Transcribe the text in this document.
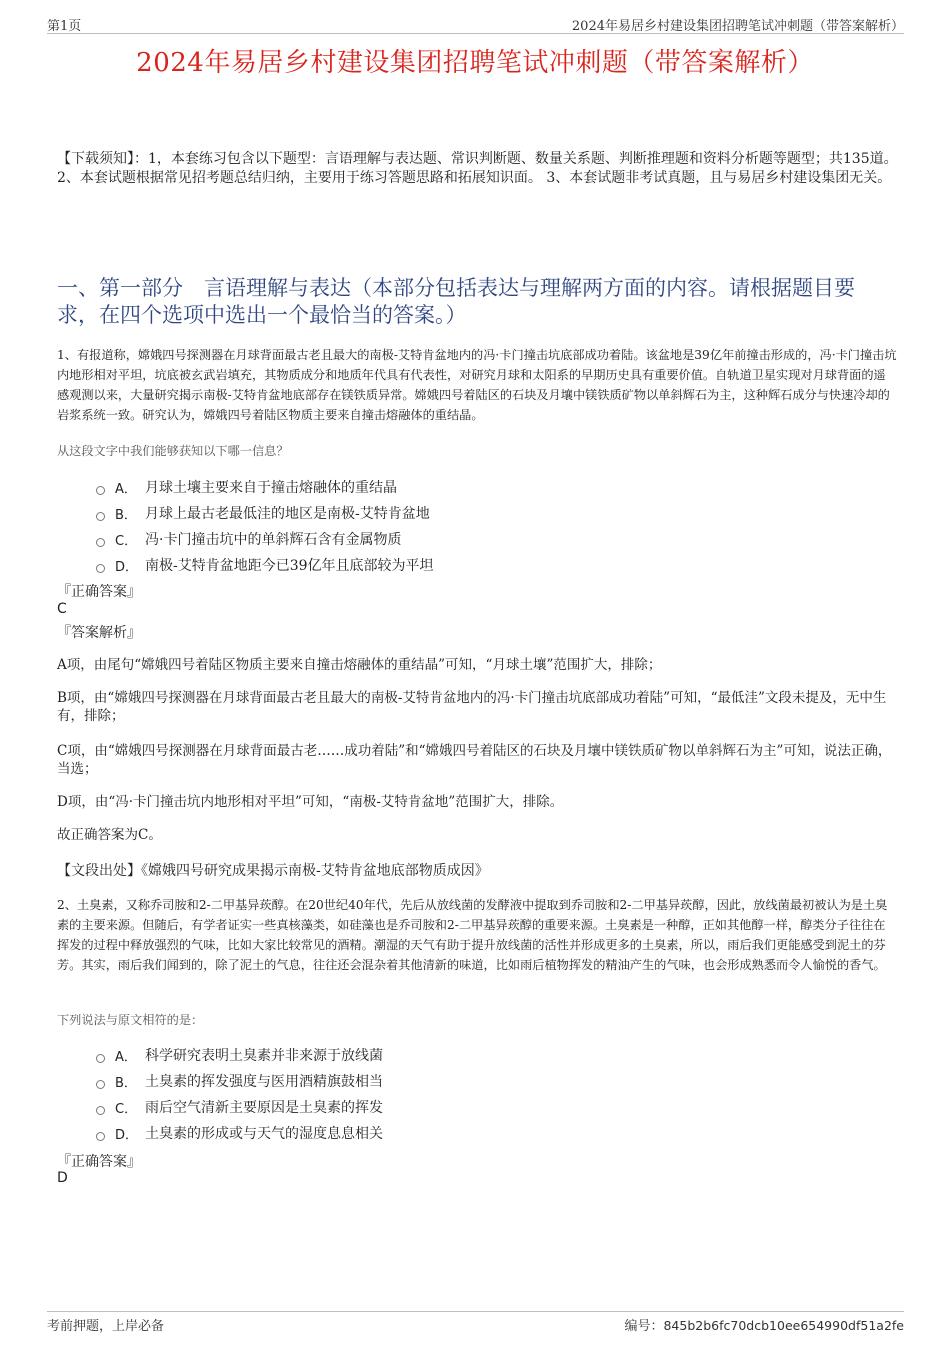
第1页	2024年易居乡村建设集团招聘笔试冲刺题（带答案解析）
2024年易居乡村建设集团招聘笔试冲刺题（带答案解析）
【下载须知】：1，本套练习包含以下题型：言语理解与表达题、常识判断题、数量关系题、判断推理题和资料分析题等题型；共135道。 2、本套试题根据常见招考题总结归纳，主要用于练习答题思路和拓展知识面。 3、本套试题非考试真题，且与易居乡村建设集团无关。
一、第一部分　言语理解与表达（本部分包括表达与理解两方面的内容。请根据题目要求，在四个选项中选出一个最恰当的答案。）
1、有报道称，嫦娥四号探测器在月球背面最古老且最大的南极-艾特肯盆地内的冯·卡门撞击坑底部成功着陆。该盆地是39亿年前撞击形成的，冯·卡门撞击坑内地形相对平坦，坑底被玄武岩填充，其物质成分和地质年代具有代表性，对研究月球和太阳系的早期历史具有重要价值。自轨道卫星实现对月球背面的遥感观测以来，大量研究揭示南极-艾特肯盆地底部存在镁铁质异常。嫦娥四号着陆区的石块及月壤中镁铁质矿物以单斜辉石为主，这种辉石成分与快速冷却的岩浆系统一致。研究认为，嫦娥四号着陆区物质主要来自撞击熔融体的重结晶。
从这段文字中我们能够获知以下哪一信息？
A． 月球土壤主要来自于撞击熔融体的重结晶
B． 月球上最古老最低洼的地区是南极-艾特肯盆地
C． 冯·卡门撞击坑中的单斜辉石含有金属物质
D． 南极-艾特肯盆地距今已39亿年且底部较为平坦
『正确答案』
C
『答案解析』
A项，由尾句“嫦娥四号着陆区物质主要来自撞击熔融体的重结晶”可知，“月球土壤”范围扩大，排除；
B项，由“嫦娥四号探测器在月球背面最古老且最大的南极-艾特肯盆地内的冯·卡门撞击坑底部成功着陆”可知，“最低洼”文段未提及，无中生有，排除；
C项，由“嫦娥四号探测器在月球背面最古老……成功着陆”和“嫦娥四号着陆区的石块及月壤中镁铁质矿物以单斜辉石为主”可知，说法正确，当选；
D项，由“冯·卡门撞击坑内地形相对平坦”可知，“南极-艾特肯盆地”范围扩大，排除。
故正确答案为C。
【文段出处】《嫦娥四号研究成果揭示南极-艾特肯盆地底部物质成因》
2、土臭素，又称乔司胺和2-二甲基异莰醇。在20世纪40年代，先后从放线菌的发酵液中提取到乔司胺和2-二甲基异莰醇，因此，放线菌最初被认为是土臭素的主要来源。但随后，有学者证实一些真核藻类，如硅藻也是乔司胺和2-二甲基异莰醇的重要来源。土臭素是一种醇，正如其他醇一样，醇类分子往往在挥发的过程中释放强烈的气味，比如大家比较常见的酒精。潮湿的天气有助于提升放线菌的活性并形成更多的土臭素，所以，雨后我们更能感受到泥土的芬芳。其实，雨后我们闻到的，除了泥土的气息，往往还会混杂着其他清新的味道，比如雨后植物挥发的精油产生的气味，也会形成熟悉而令人愉悦的香气。
下列说法与原文相符的是：
A． 科学研究表明土臭素并非来源于放线菌
B． 土臭素的挥发强度与医用酒精旗鼓相当
C． 雨后空气清新主要原因是土臭素的挥发
D． 土臭素的形成或与天气的湿度息息相关
『正确答案』
D
考前押题，上岸必备	编号：845b2b6fc70dcb10ee654990df51a2fe
